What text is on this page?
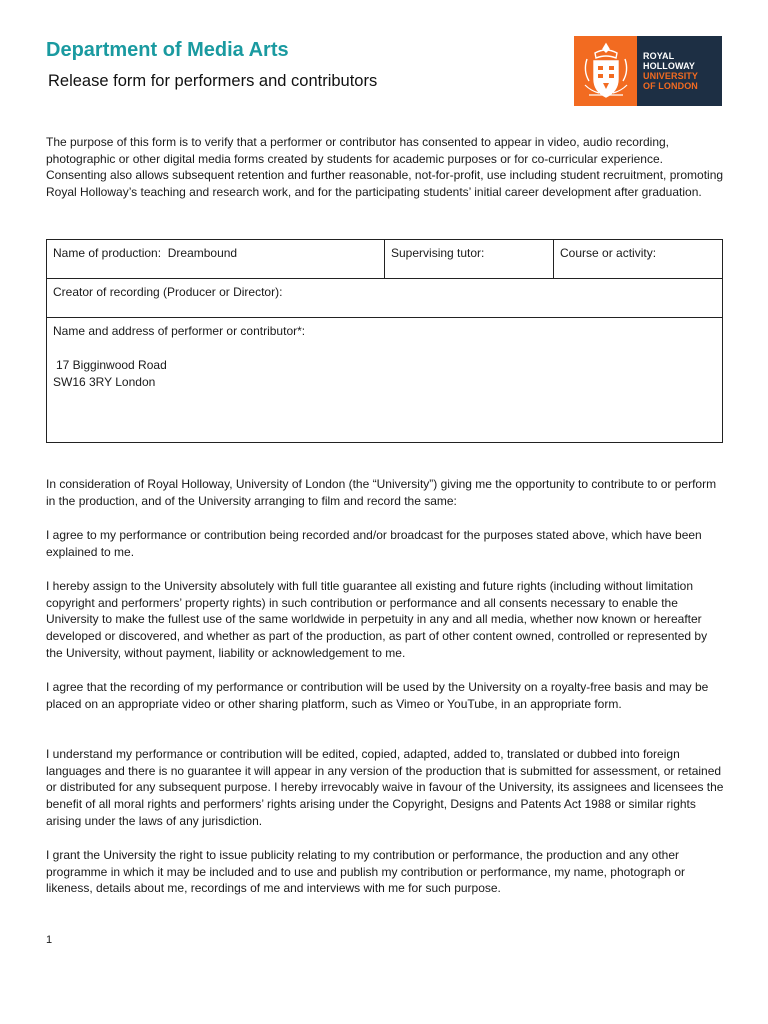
Department of Media Arts
Release form for performers and contributors
ROYAL
HOLLOWAY
UNIVERSITY
OF LONDON

The purpose of this form is to verify that a performer or contributor has consented to appear in video, audio recording, photographic or other digital media forms created by students for academic purposes or for co-curricular experience. Consenting also allows subsequent retention and further reasonable, not-for-profit, use including student recruitment, promoting Royal Holloway’s teaching and research work, and for the participating students’ initial career development after graduation.

Name of production: Dreambound	Supervising tutor:	Course or activity:
Creator of recording (Producer or Director):
Name and address of performer or contributor*:
17 Bigginwood Road
SW16 3RY London

In consideration of Royal Holloway, University of London (the “University”) giving me the opportunity to contribute to or perform in the production, and of the University arranging to film and record the same:

I agree to my performance or contribution being recorded and/or broadcast for the purposes stated above, which have been explained to me.

I hereby assign to the University absolutely with full title guarantee all existing and future rights (including without limitation copyright and performers’ property rights) in such contribution or performance and all consents necessary to enable the University to make the fullest use of the same worldwide in perpetuity in any and all media, whether now known or hereafter developed or discovered, and whether as part of the production, as part of other content owned, controlled or represented by the University, without payment, liability or acknowledgement to me.

I agree that the recording of my performance or contribution will be used by the University on a royalty-free basis and may be placed on an appropriate video or other sharing platform, such as Vimeo or YouTube, in an appropriate form.

I understand my performance or contribution will be edited, copied, adapted, added to, translated or dubbed into foreign languages and there is no guarantee it will appear in any version of the production that is submitted for assessment, or retained or distributed for any subsequent purpose. I hereby irrevocably waive in favour of the University, its assignees and licensees the benefit of all moral rights and performers’ rights arising under the Copyright, Designs and Patents Act 1988 or similar rights arising under the laws of any jurisdiction.

I grant the University the right to issue publicity relating to my contribution or performance, the production and any other programme in which it may be included and to use and publish my contribution or performance, my name, photograph or likeness, details about me, recordings of me and interviews with me for such purpose.

1
